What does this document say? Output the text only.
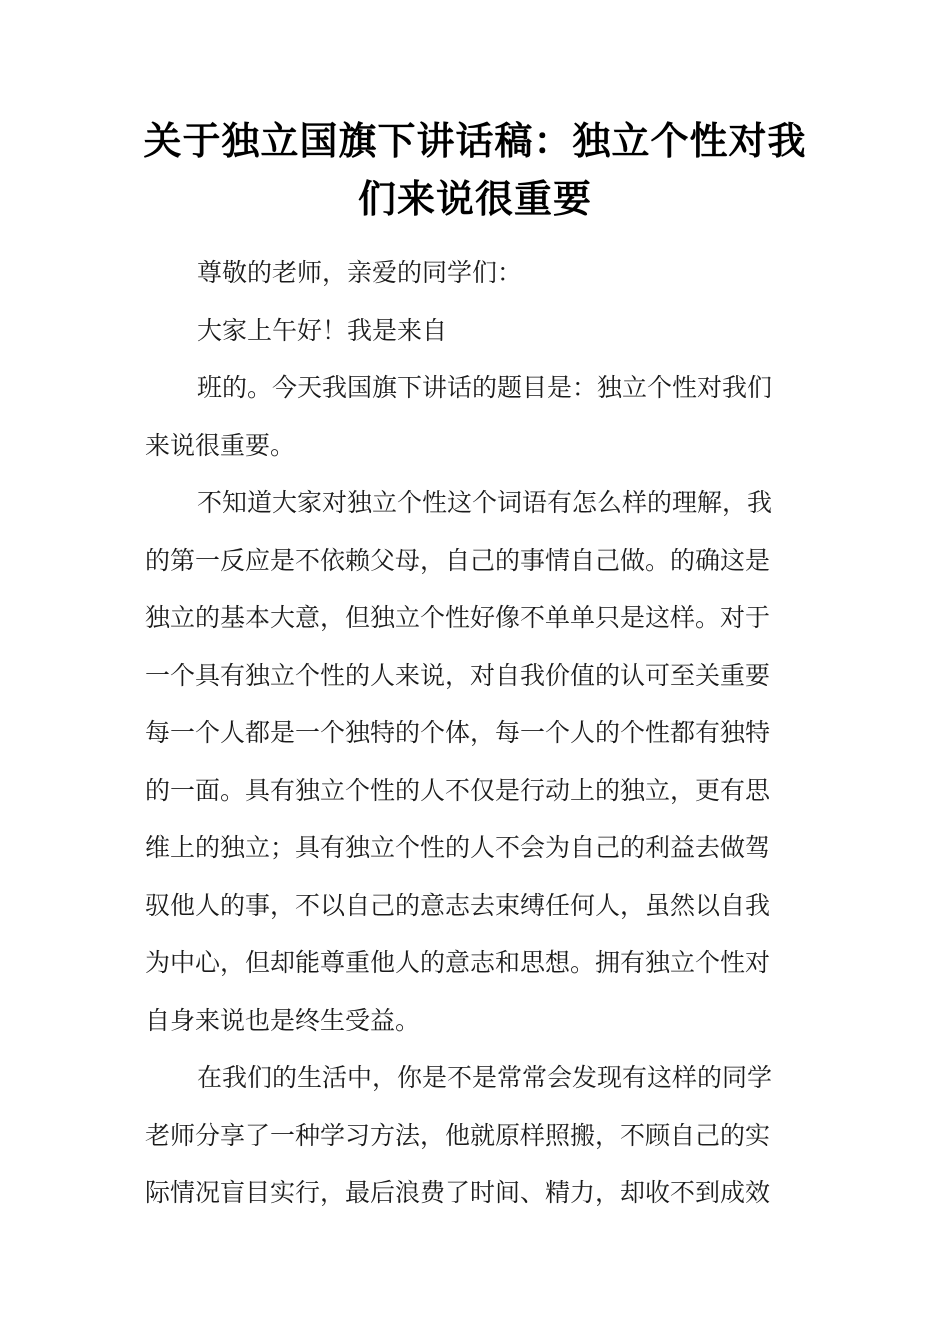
关于独立国旗下讲话稿：独立个性对我
们来说很重要

尊敬的老师，亲爱的同学们：

大家上午好！我是来自

班的。今天我国旗下讲话的题目是：独立个性对我们
来说很重要。

不知道大家对独立个性这个词语有怎么样的理解，我
的第一反应是不依赖父母，自己的事情自己做。的确这是
独立的基本大意，但独立个性好像不单单只是这样。对于
一个具有独立个性的人来说，对自我价值的认可至关重要
每一个人都是一个独特的个体，每一个人的个性都有独特
的一面。具有独立个性的人不仅是行动上的独立，更有思
维上的独立；具有独立个性的人不会为自己的利益去做驾
驭他人的事，不以自己的意志去束缚任何人，虽然以自我
为中心，但却能尊重他人的意志和思想。拥有独立个性对
自身来说也是终生受益。

在我们的生活中，你是不是常常会发现有这样的同学
老师分享了一种学习方法，他就原样照搬，不顾自己的实
际情况盲目实行，最后浪费了时间、精力，却收不到成效
